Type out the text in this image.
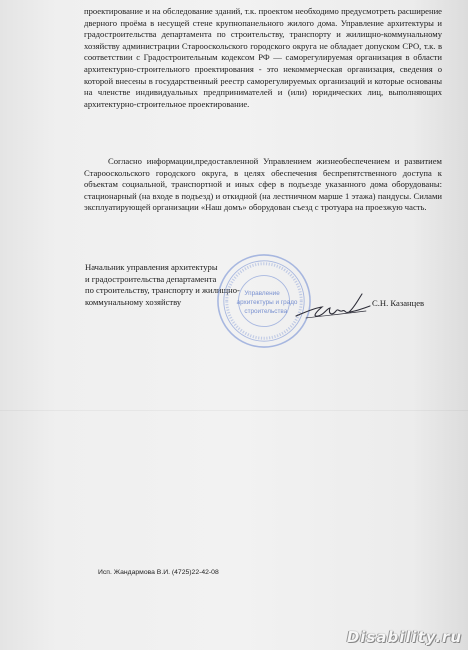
проектирование и на обследование зданий, т.к. проектом необходимо предусмотреть расширение дверного проёма в несущей стене крупнопанельного жилого дома. Управление архитектуры и градостроительства департамента по строительству, транспорту и жилищно-коммунальному хозяйству администрации Старооскольского городского округа не обладает допуском СРО, т.к. в соответствии с Градостроительным кодексом РФ — саморегулируемая организация в области архитектурно-строительного проектирования - это некоммерческая организация, сведения о которой внесены в государственный реестр саморегулируемых организаций и которые основаны на членстве индивидуальных предпринимателей и (или) юридических лиц, выполняющих архитектурно-строительное проектирование.

Согласно информации,предоставленной Управлением жизнеобеспечением и развитием Старооскольского городского округа, в целях обеспечения беспрепятственного доступа к объектам социальной, транспортной и иных сфер в подъезде указанного дома оборудованы: стационарный (на входе в подъезд) и откидной (на лестничном марше 1 этажа) пандусы. Силами эксплуатирующей организации «Наш домъ» оборудован съезд с тротуара на проезжую часть.

Начальник управления архитектуры
и градостроительства департамента
по строительству, транспорту и жилищно-
коммунальному хозяйству
Управление
архитектуры и градо
строительства
С.Н. Казанцев
Исп. Жандармова В.И. (4725)22-42-08
Disability.ru
